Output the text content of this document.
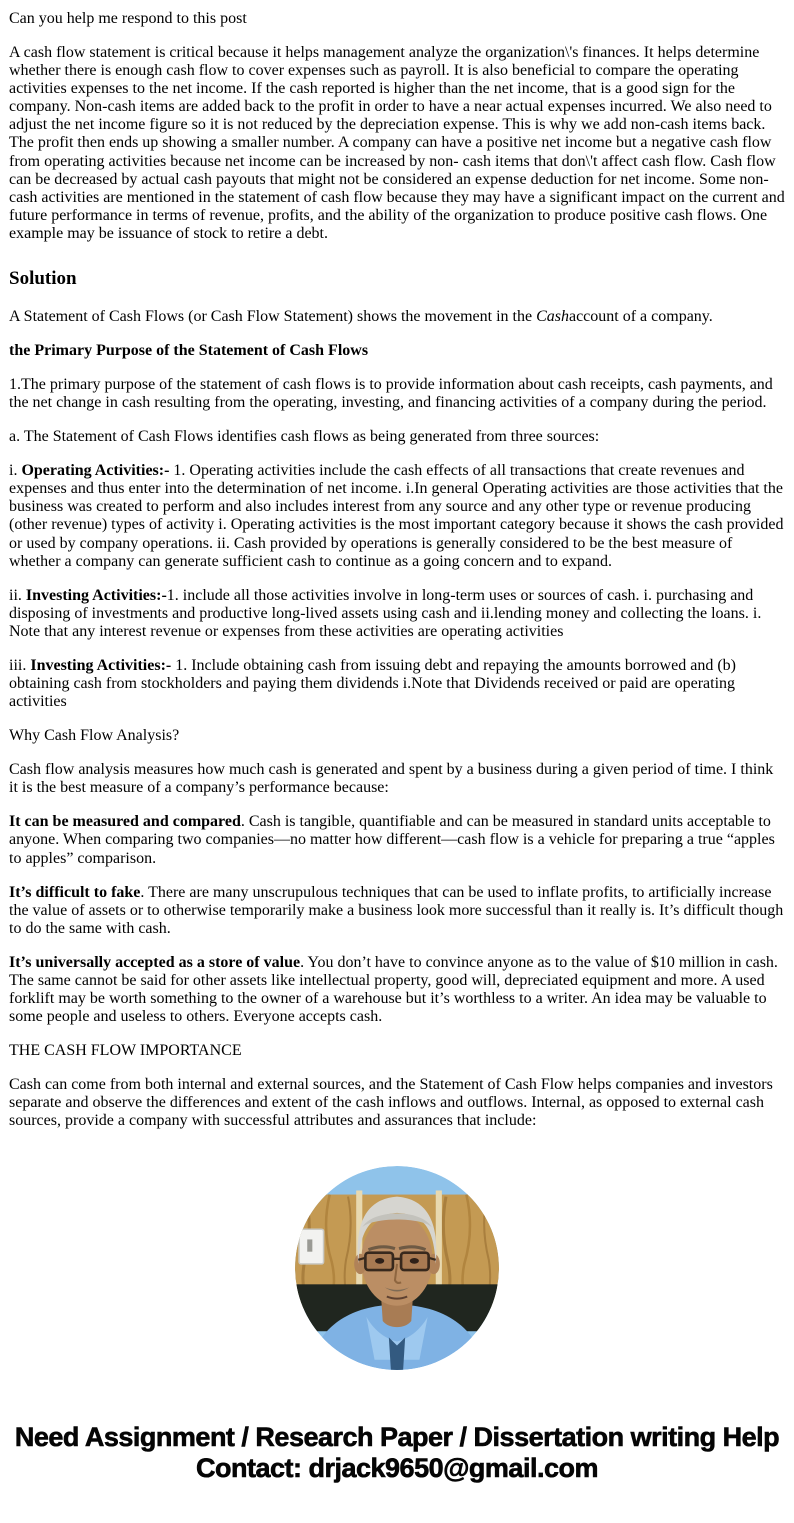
Can you help me respond to this post

A cash flow statement is critical because it helps management analyze the organization\'s finances. It helps determine whether there is enough cash flow to cover expenses such as payroll. It is also beneficial to compare the operating activities expenses to the net income. If the cash reported is higher than the net income, that is a good sign for the company. Non-cash items are added back to the profit in order to have a near actual expenses incurred. We also need to adjust the net income figure so it is not reduced by the depreciation expense. This is why we add non-cash items back. The profit then ends up showing a smaller number. A company can have a positive net income but a negative cash flow from operating activities because net income can be increased by non- cash items that don\'t affect cash flow. Cash flow can be decreased by actual cash payouts that might not be considered an expense deduction for net income. Some non-cash activities are mentioned in the statement of cash flow because they may have a significant impact on the current and future performance in terms of revenue, profits, and the ability of the organization to produce positive cash flows. One example may be issuance of stock to retire a debt.

Solution

A Statement of Cash Flows (or Cash Flow Statement) shows the movement in the Cashaccount of a company.

the Primary Purpose of the Statement of Cash Flows

1.The primary purpose of the statement of cash flows is to provide information about cash receipts, cash payments, and the net change in cash resulting from the operating, investing, and financing activities of a company during the period.

a. The Statement of Cash Flows identifies cash flows as being generated from three sources:

i. Operating Activities:- 1. Operating activities include the cash effects of all transactions that create revenues and expenses and thus enter into the determination of net income. i.In general Operating activities are those activities that the business was created to perform and also includes interest from any source and any other type or revenue producing (other revenue) types of activity i. Operating activities is the most important category because it shows the cash provided or used by company operations. ii. Cash provided by operations is generally considered to be the best measure of whether a company can generate sufficient cash to continue as a going concern and to expand.

ii. Investing Activities:-1. include all those activities involve in long-term uses or sources of cash. i. purchasing and disposing of investments and productive long-lived assets using cash and ii.lending money and collecting the loans. i. Note that any interest revenue or expenses from these activities are operating activities

iii. Investing Activities:- 1. Include obtaining cash from issuing debt and repaying the amounts borrowed and (b) obtaining cash from stockholders and paying them dividends i.Note that Dividends received or paid are operating activities

Why Cash Flow Analysis?

Cash flow analysis measures how much cash is generated and spent by a business during a given period of time. I think it is the best measure of a company’s performance because:

It can be measured and compared. Cash is tangible, quantifiable and can be measured in standard units acceptable to anyone. When comparing two companies—no matter how different—cash flow is a vehicle for preparing a true “apples to apples” comparison.

It’s difficult to fake. There are many unscrupulous techniques that can be used to inflate profits, to artificially increase the value of assets or to otherwise temporarily make a business look more successful than it really is. It’s difficult though to do the same with cash.

It’s universally accepted as a store of value. You don’t have to convince anyone as to the value of $10 million in cash. The same cannot be said for other assets like intellectual property, good will, depreciated equipment and more. A used forklift may be worth something to the owner of a warehouse but it’s worthless to a writer. An idea may be valuable to some people and useless to others. Everyone accepts cash.

THE CASH FLOW IMPORTANCE

Cash can come from both internal and external sources, and the Statement of Cash Flow helps companies and investors separate and observe the differences and extent of the cash inflows and outflows. Internal, as opposed to external cash sources, provide a company with successful attributes and assurances that include:

Need Assignment / Research Paper / Dissertation writing Help
Contact: drjack9650@gmail.com
